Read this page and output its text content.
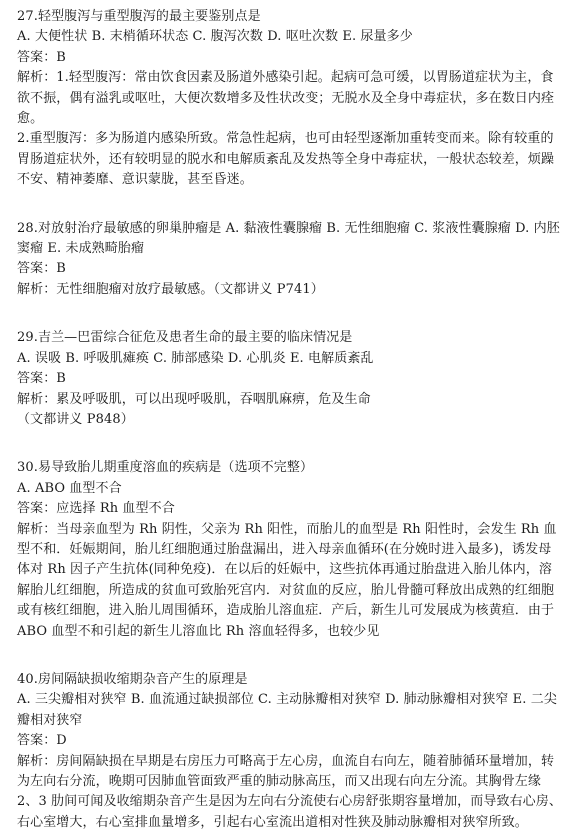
27.轻型腹泻与重型腹泻的最主要鉴别点是

A. 大便性状 B. 末梢循环状态 C. 腹泻次数 D. 呕吐次数 E. 尿量多少

答案：B

解析：1.轻型腹泻：常由饮食因素及肠道外感染引起。起病可急可缓，以胃肠道症状为主，食欲不振，偶有溢乳或呕吐，大便次数增多及性状改变；无脱水及全身中毒症状，多在数日内痊愈。

2.重型腹泻：多为肠道内感染所致。常急性起病，也可由轻型逐渐加重转变而来。除有较重的胃肠道症状外，还有较明显的脱水和电解质紊乱及发热等全身中毒症状，一般状态较差，烦躁不安、精神萎靡、意识蒙胧，甚至昏迷。

28.对放射治疗最敏感的卵巢肿瘤是 A. 黏液性囊腺瘤 B. 无性细胞瘤 C. 浆液性囊腺瘤 D. 内胚窦瘤 E. 未成熟畸胎瘤

答案：B

解析：无性细胞瘤对放疗最敏感。（文都讲义 P741）

29.吉兰—巴雷综合征危及患者生命的最主要的临床情况是

A. 误吸 B. 呼吸肌瘫痪 C. 肺部感染 D. 心肌炎 E. 电解质紊乱

答案：B

解析：累及呼吸肌，可以出现呼吸肌，吞咽肌麻痹，危及生命

（文都讲义 P848）

30.易导致胎儿期重度溶血的疾病是（选项不完整）

A. ABO 血型不合

答案：应选择 Rh 血型不合

解析：当母亲血型为 Rh 阴性，父亲为 Rh 阳性，而胎儿的血型是 Rh 阳性时，会发生 Rh 血型不和．妊娠期间，胎儿红细胞通过胎盘漏出，进入母亲血循环(在分娩时进入最多)，诱发母体对 Rh 因子产生抗体(同种免疫)．在以后的妊娠中，这些抗体再通过胎盘进入胎儿体内，溶解胎儿红细胞，所造成的贫血可致胎死宫内．对贫血的反应，胎儿骨髓可释放出成熟的红细胞或有核红细胞，进入胎儿周围循环，造成胎儿溶血症．产后，新生儿可发展成为核黄疸．由于 ABO 血型不和引起的新生儿溶血比 Rh 溶血轻得多，也较少见

40.房间隔缺损收缩期杂音产生的原理是

A. 三尖瓣相对狭窄 B. 血流通过缺损部位 C. 主动脉瓣相对狭窄 D. 肺动脉瓣相对狭窄 E. 二尖瓣相对狭窄

答案：D

解析：房间隔缺损在早期是右房压力可略高于左心房，血流自右向左，随着肺循环量增加，转为左向右分流，晚期可因肺血管面致严重的肺动脉高压，而又出现右向左分流。其胸骨左缘 2、3 肋间可闻及收缩期杂音产生是因为左向右分流使右心房舒张期容量增加，而导致右心房、右心室增大，右心室排血量增多，引起右心室流出道相对性狭及肺动脉瓣相对狭窄所致。
